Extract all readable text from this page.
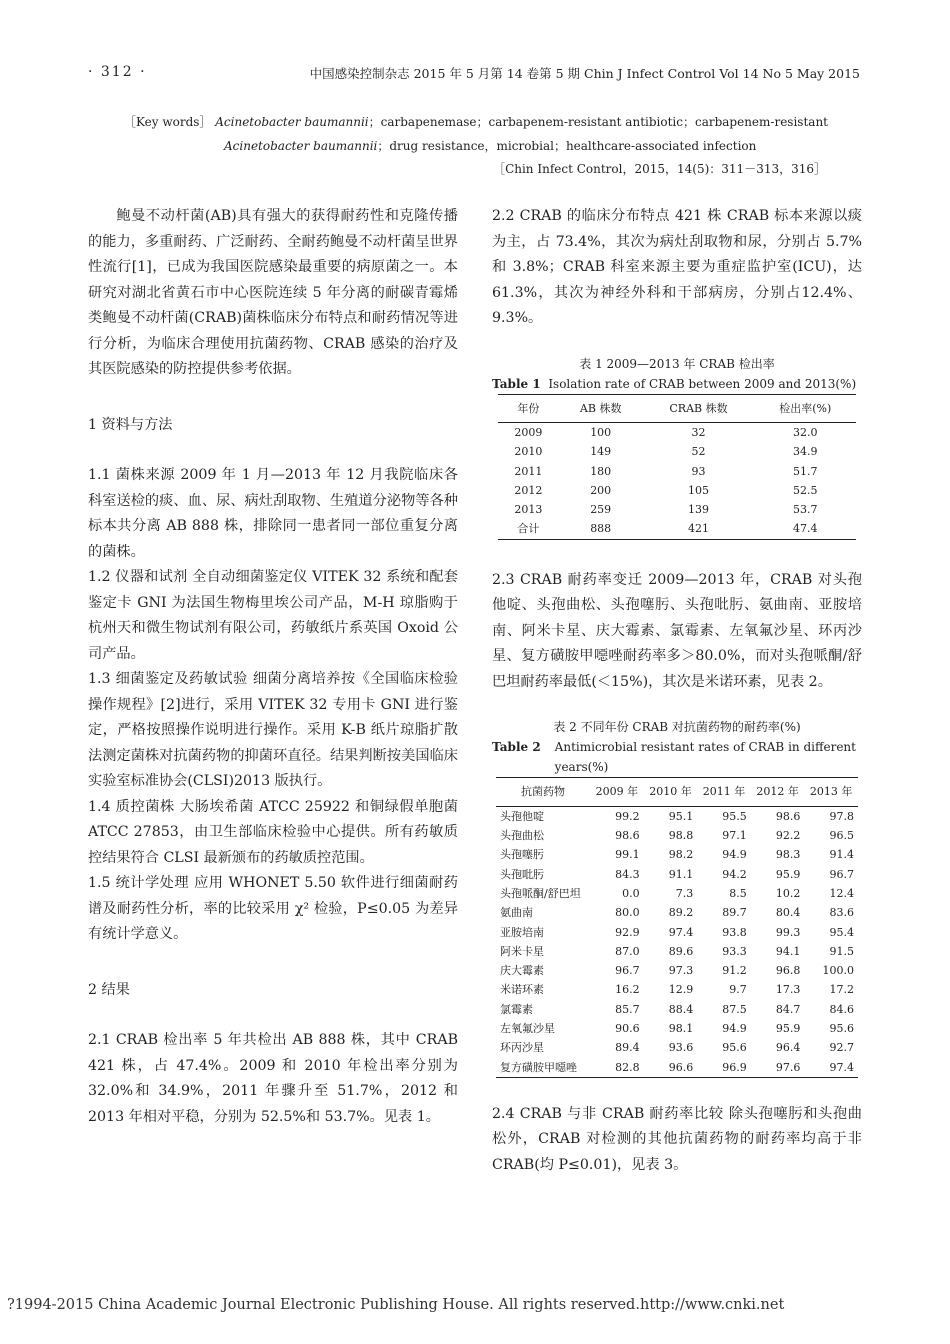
· 312 ·	中国感染控制杂志 2015 年 5 月第 14 卷第 5 期 Chin J Infect Control Vol 14 No 5 May 2015
［Key words］ Acinetobacter baumannii；carbapenemase；carbapenem-resistant antibiotic；carbapenem-resistant
Acinetobacter baumannii；drug resistance，microbial；healthcare-associated infection
［Chin Infect Control，2015，14(5)：311－313，316］

鲍曼不动杆菌(AB)具有强大的获得耐药性和克隆传播的能力，多重耐药、广泛耐药、全耐药鲍曼不动杆菌呈世界性流行[1]，已成为我国医院感染最重要的病原菌之一。本研究对湖北省黄石市中心医院连续 5 年分离的耐碳青霉烯类鲍曼不动杆菌(CRAB)菌株临床分布特点和耐药情况等进行分析，为临床合理使用抗菌药物、CRAB 感染的治疗及其医院感染的防控提供参考依据。

1 资料与方法

1.1 菌株来源 2009 年 1 月—2013 年 12 月我院临床各科室送检的痰、血、尿、病灶刮取物、生殖道分泌物等各种标本共分离 AB 888 株，排除同一患者同一部位重复分离的菌株。

1.2 仪器和试剂 全自动细菌鉴定仪 VITEK 32 系统和配套鉴定卡 GNI 为法国生物梅里埃公司产品，M-H 琼脂购于杭州天和微生物试剂有限公司，药敏纸片系英国 Oxoid 公司产品。

1.3 细菌鉴定及药敏试验 细菌分离培养按《全国临床检验操作规程》[2]进行，采用 VITEK 32 专用卡 GNI 进行鉴定，严格按照操作说明进行操作。采用 K-B 纸片琼脂扩散法测定菌株对抗菌药物的抑菌环直径。结果判断按美国临床实验室标准协会(CLSI)2013 版执行。

1.4 质控菌株 大肠埃希菌 ATCC 25922 和铜绿假单胞菌 ATCC 27853，由卫生部临床检验中心提供。所有药敏质控结果符合 CLSI 最新颁布的药敏质控范围。

1.5 统计学处理 应用 WHONET 5.50 软件进行细菌耐药谱及耐药性分析，率的比较采用 χ² 检验，P≤0.05 为差异有统计学意义。

2 结果

2.1 CRAB 检出率 5 年共检出 AB 888 株，其中 CRAB 421 株，占 47.4%。2009 和 2010 年检出率分别为 32.0%和 34.9%，2011 年骤升至 51.7%，2012 和 2013 年相对平稳，分别为 52.5%和 53.7%。见表 1。

2.2 CRAB 的临床分布特点 421 株 CRAB 标本来源以痰为主，占 73.4%，其次为病灶刮取物和尿，分别占 5.7%和 3.8%；CRAB 科室来源主要为重症监护室(ICU)，达 61.3%，其次为神经外科和干部病房，分别占12.4%、9.3%。

表 1 2009—2013 年 CRAB 检出率
Table 1 Isolation rate of CRAB between 2009 and 2013(%)
年份	AB 株数	CRAB 株数	检出率(%)
2009	100	32	32.0
2010	149	52	34.9
2011	180	93	51.7
2012	200	105	52.5
2013	259	139	53.7
合计	888	421	47.4

2.3 CRAB 耐药率变迁 2009—2013 年，CRAB 对头孢他啶、头孢曲松、头孢噻肟、头孢吡肟、氨曲南、亚胺培南、阿米卡星、庆大霉素、氯霉素、左氧氟沙星、环丙沙星、复方磺胺甲噁唑耐药率多＞80.0%，而对头孢哌酮/舒巴坦耐药率最低(＜15%)，其次是米诺环素，见表 2。

表 2 不同年份 CRAB 对抗菌药物的耐药率(%)
Table 2 Antimicrobial resistant rates of CRAB in different years(%)
抗菌药物	2009 年	2010 年	2011 年	2012 年	2013 年
头孢他啶	99.2	95.1	95.5	98.6	97.8
头孢曲松	98.6	98.8	97.1	92.2	96.5
头孢噻肟	99.1	98.2	94.9	98.3	91.4
头孢吡肟	84.3	91.1	94.2	95.9	96.7
头孢哌酮/舒巴坦	0.0	7.3	8.5	10.2	12.4
氨曲南	80.0	89.2	89.7	80.4	83.6
亚胺培南	92.9	97.4	93.8	99.3	95.4
阿米卡星	87.0	89.6	93.3	94.1	91.5
庆大霉素	96.7	97.3	91.2	96.8	100.0
米诺环素	16.2	12.9	9.7	17.3	17.2
氯霉素	85.7	88.4	87.5	84.7	84.6
左氧氟沙星	90.6	98.1	94.9	95.9	95.6
环丙沙星	89.4	93.6	95.6	96.4	92.7
复方磺胺甲噁唑	82.8	96.6	96.9	97.6	97.4

2.4 CRAB 与非 CRAB 耐药率比较 除头孢噻肟和头孢曲松外，CRAB 对检测的其他抗菌药物的耐药率均高于非 CRAB(均 P≤0.01)，见表 3。

?1994-2015 China Academic Journal Electronic Publishing House. All rights reserved. http://www.cnki.net
